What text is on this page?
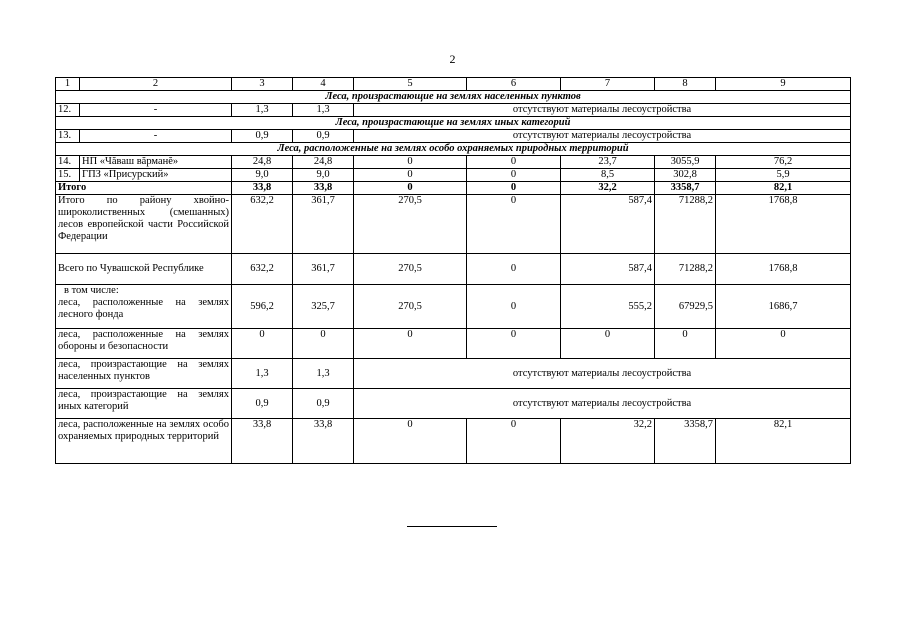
2
1	2	3	4	5	6	7	8	9
Леса, произрастающие на землях населенных пунктов								
12.	-	1,3	1,3	отсутствуют материалы лесоустройства				
Леса, произрастающие на землях иных категорий								
13.	-	0,9	0,9	отсутствуют материалы лесоустройства				
Леса, расположенные на землях особо охраняемых природных территорий								
14.	НП «Чăваш вăрманĕ»	24,8	24,8	0	0	23,7	3055,9	76,2
15.	ГПЗ «Присурский»	9,0	9,0	0	0	8,5	302,8	5,9
Итого		33,8	33,8	0	0	32,2	3358,7	82,1
Итого по району хвойно-широколиственных (смешанных) лесов европейской части Российской Федерации		632,2	361,7	270,5	0	587,4	71288,2	1768,8
Всего по Чувашской Республике		632,2	361,7	270,5	0	587,4	71288,2	1768,8

в том числе:
леса, расположенные на землях лесного фонда		596,2	325,7	270,5	0	555,2	67929,5	1686,7
леса, расположенные на землях обороны и безопасности		0	0	0	0	0	0	0
леса, произрастающие на землях населенных пунктов		1,3	1,3	отсутствуют материалы лесоустройства				
леса, произрастающие на землях иных категорий		0,9	0,9	отсутствуют материалы лесоустройства				
леса, расположенные на землях особо охраняемых природных территорий		33,8	33,8	0	0	32,2	3358,7	82,1
